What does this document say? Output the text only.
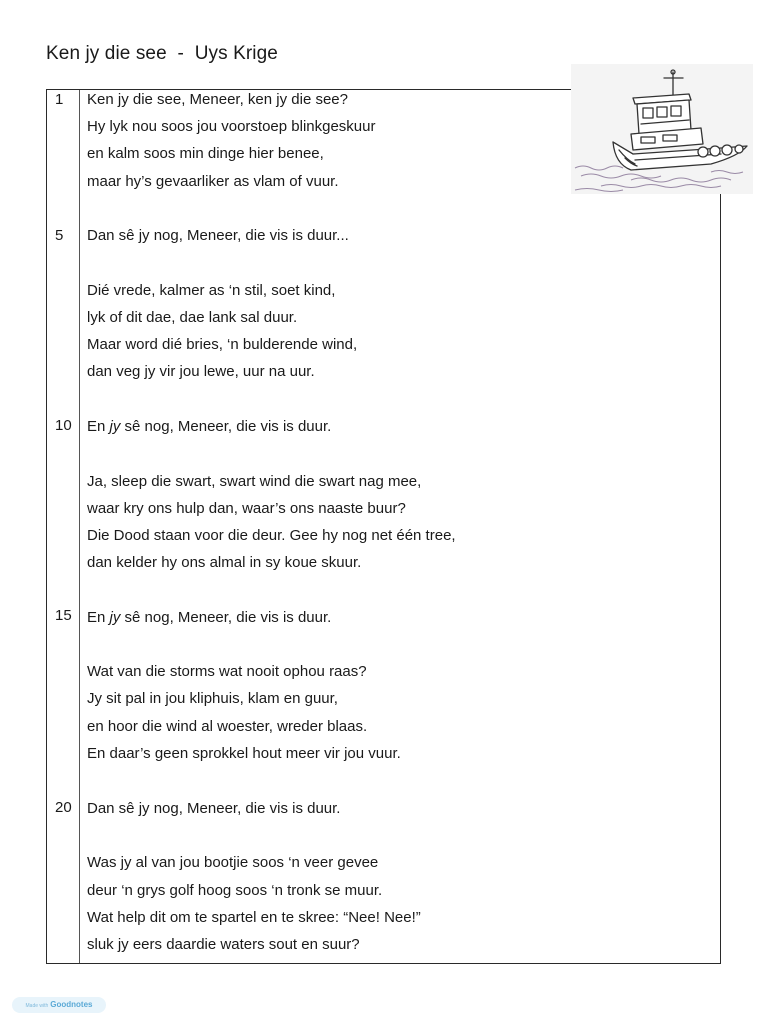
Ken jy die see  -  Uys Krige
1 Ken jy die see, Meneer, ken jy die see?
Hy lyk nou soos jou voorstoep blinkgeskuur
en kalm soos min dinge hier benee,
maar hy’s gevaarliker as vlam of vuur.
5 Dan sê jy nog, Meneer, die vis is duur...
Dié vrede, kalmer as ‘n stil, soet kind,
lyk of dit dae, dae lank sal duur.
Maar word dié bries, ‘n bulderende wind,
dan veg jy vir jou lewe, uur na uur.
10 En jy sê nog, Meneer, die vis is duur.
Ja, sleep die swart, swart wind die swart nag mee,
waar kry ons hulp dan, waar’s ons naaste buur?
Die Dood staan voor die deur. Gee hy nog net één tree,
dan kelder hy ons almal in sy koue skuur.
15 En jy sê nog, Meneer, die vis is duur.
Wat van die storms wat nooit ophou raas?
Jy sit pal in jou kliphuis, klam en guur,
en hoor die wind al woester, wreder blaas.
En daar’s geen sprokkel hout meer vir jou vuur.
20 Dan sê jy nog, Meneer, die vis is duur.
Was jy al van jou bootjie soos ‘n veer gevee
deur ‘n grys golf hoog soos ‘n tronk se muur.
Wat help dit om te spartel en te skree: “Nee! Nee!”
sluk jy eers daardie waters sout en suur?
Made with Goodnotes
